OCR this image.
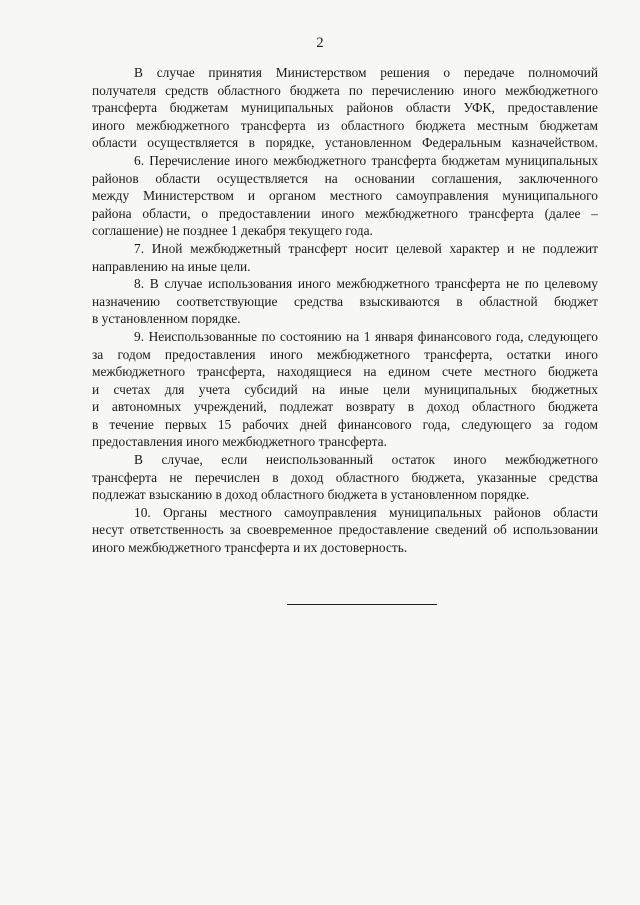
2
В случае принятия Министерством решения о передаче полномочий
получателя средств областного бюджета по перечислению иного межбюджетного
трансферта бюджетам муниципальных районов области УФК, предоставление
иного межбюджетного трансферта из областного бюджета местным бюджетам
области осуществляется в порядке, установленном Федеральным казначейством.
6. Перечисление иного межбюджетного трансферта бюджетам муниципальных
районов области осуществляется на основании соглашения, заключенного
между Министерством и органом местного самоуправления муниципального
района области, о предоставлении иного межбюджетного трансферта (далее –
соглашение) не позднее 1 декабря текущего года.
7. Иной межбюджетный трансферт носит целевой характер и не подлежит
направлению на иные цели.
8. В случае использования иного межбюджетного трансферта не по целевому
назначению соответствующие средства взыскиваются в областной бюджет
в установленном порядке.
9. Неиспользованные по состоянию на 1 января финансового года, следующего
за годом предоставления иного межбюджетного трансферта, остатки иного
межбюджетного трансферта, находящиеся на едином счете местного бюджета
и счетах для учета субсидий на иные цели муниципальных бюджетных
и автономных учреждений, подлежат возврату в доход областного бюджета
в течение первых 15 рабочих дней финансового года, следующего за годом
предоставления иного межбюджетного трансферта.
В случае, если неиспользованный остаток иного межбюджетного
трансферта не перечислен в доход областного бюджета, указанные средства
подлежат взысканию в доход областного бюджета в установленном порядке.
10. Органы местного самоуправления муниципальных районов области
несут ответственность за своевременное предоставление сведений об использовании
иного межбюджетного трансферта и их достоверность.
